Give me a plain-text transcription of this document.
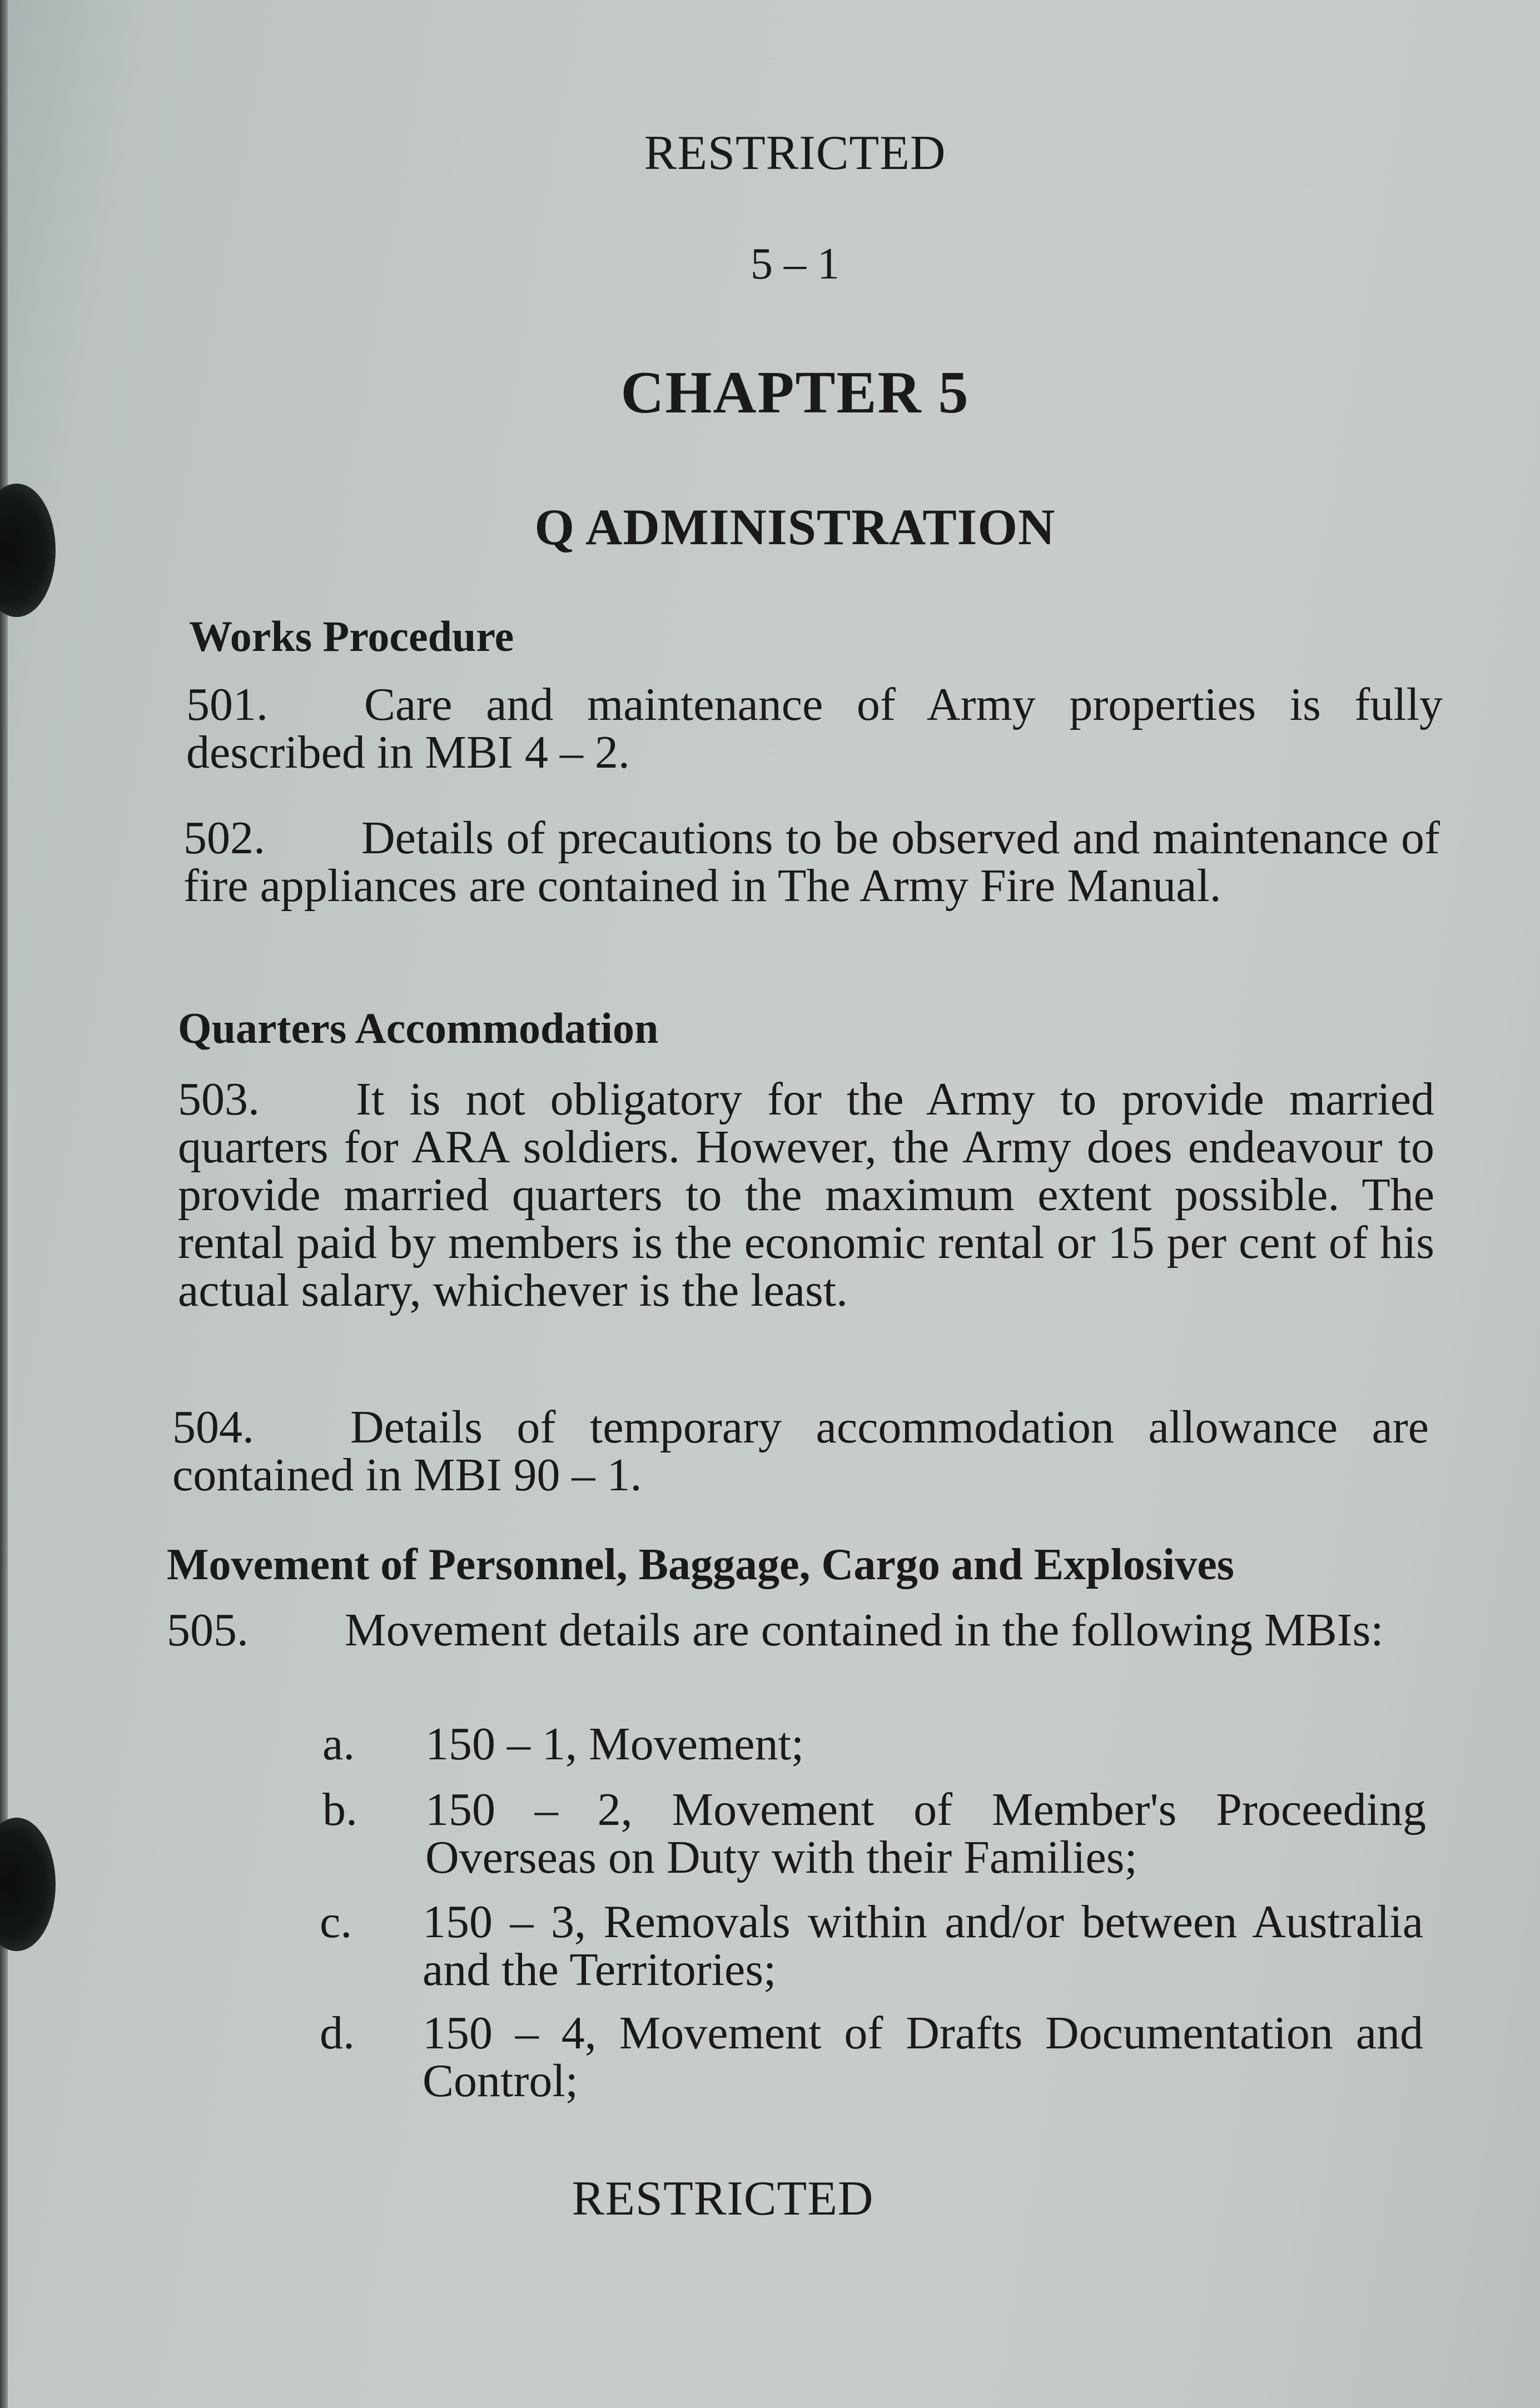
RESTRICTED
5 – 1
CHAPTER 5
Q ADMINISTRATION
Works Procedure
501. Care and maintenance of Army properties is fully described in MBI 4 – 2.
502. Details of precautions to be observed and maintenance of fire appliances are contained in The Army Fire Manual.
Quarters Accommodation
503. It is not obligatory for the Army to provide married quarters for ARA soldiers. However, the Army does endeavour to provide married quarters to the maximum extent possible. The rental paid by members is the economic rental or 15 per cent of his actual salary, whichever is the least.
504. Details of temporary accommodation allowance are contained in MBI 90 – 1.
Movement of Personnel, Baggage, Cargo and Explosives
505. Movement details are contained in the following MBIs:
a.	150 – 1, Movement;
b.	150 – 2, Movement of Member's Proceeding Overseas on Duty with their Families;
c.	150 – 3, Removals within and/or between Australia and the Territories;
d.	150 – 4, Movement of Drafts Documentation and Control;
RESTRICTED
